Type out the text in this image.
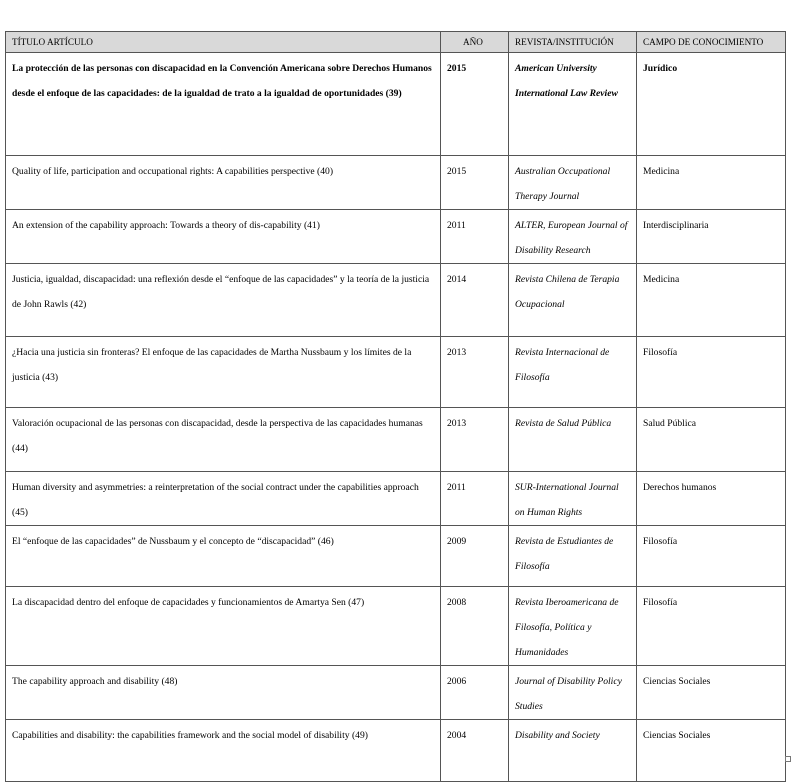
TÍTULO ARTÍCULO	AÑO	REVISTA/INSTITUCIÓN	CAMPO DE CONOCIMIENTO
La protección de las personas con discapacidad en la Convención Americana sobre Derechos Humanos desde el enfoque de las capacidades: de la igualdad de trato a la igualdad de oportunidades (39)	2015	American University International Law Review	Jurídico
Quality of life, participation and occupational rights: A capabilities perspective (40)	2015	Australian Occupational Therapy Journal	Medicina
An extension of the capability approach: Towards a theory of dis-capability (41)	2011	ALTER, European Journal of Disability Research	Interdisciplinaria
Justicia, igualdad, discapacidad: una reflexión desde el “enfoque de las capacidades” y la teoría de la justicia de John Rawls (42)	2014	Revista Chilena de Terapia Ocupacional	Medicina
¿Hacia una justicia sin fronteras? El enfoque de las capacidades de Martha Nussbaum y los límites de la justicia (43)	2013	Revista Internacional de Filosofía	Filosofía
Valoración ocupacional de las personas con discapacidad, desde la perspectiva de las capacidades humanas (44)	2013	Revista de Salud Pública	Salud Pública
Human diversity and asymmetries: a reinterpretation of the social contract under the capabilities approach (45)	2011	SUR-International Journal on Human Rights	Derechos humanos
El “enfoque de las capacidades” de Nussbaum y el concepto de “discapacidad” (46)	2009	Revista de Estudiantes de Filosofía	Filosofía
La discapacidad dentro del enfoque de capacidades y funcionamientos de Amartya Sen (47)	2008	Revista Iberoamericana de Filosofía, Política y Humanidades	Filosofía
The capability approach and disability (48)	2006	Journal of Disability Policy Studies	Ciencias Sociales
Capabilities and disability: the capabilities framework and the social model of disability (49)	2004	Disability and Society	Ciencias Sociales
